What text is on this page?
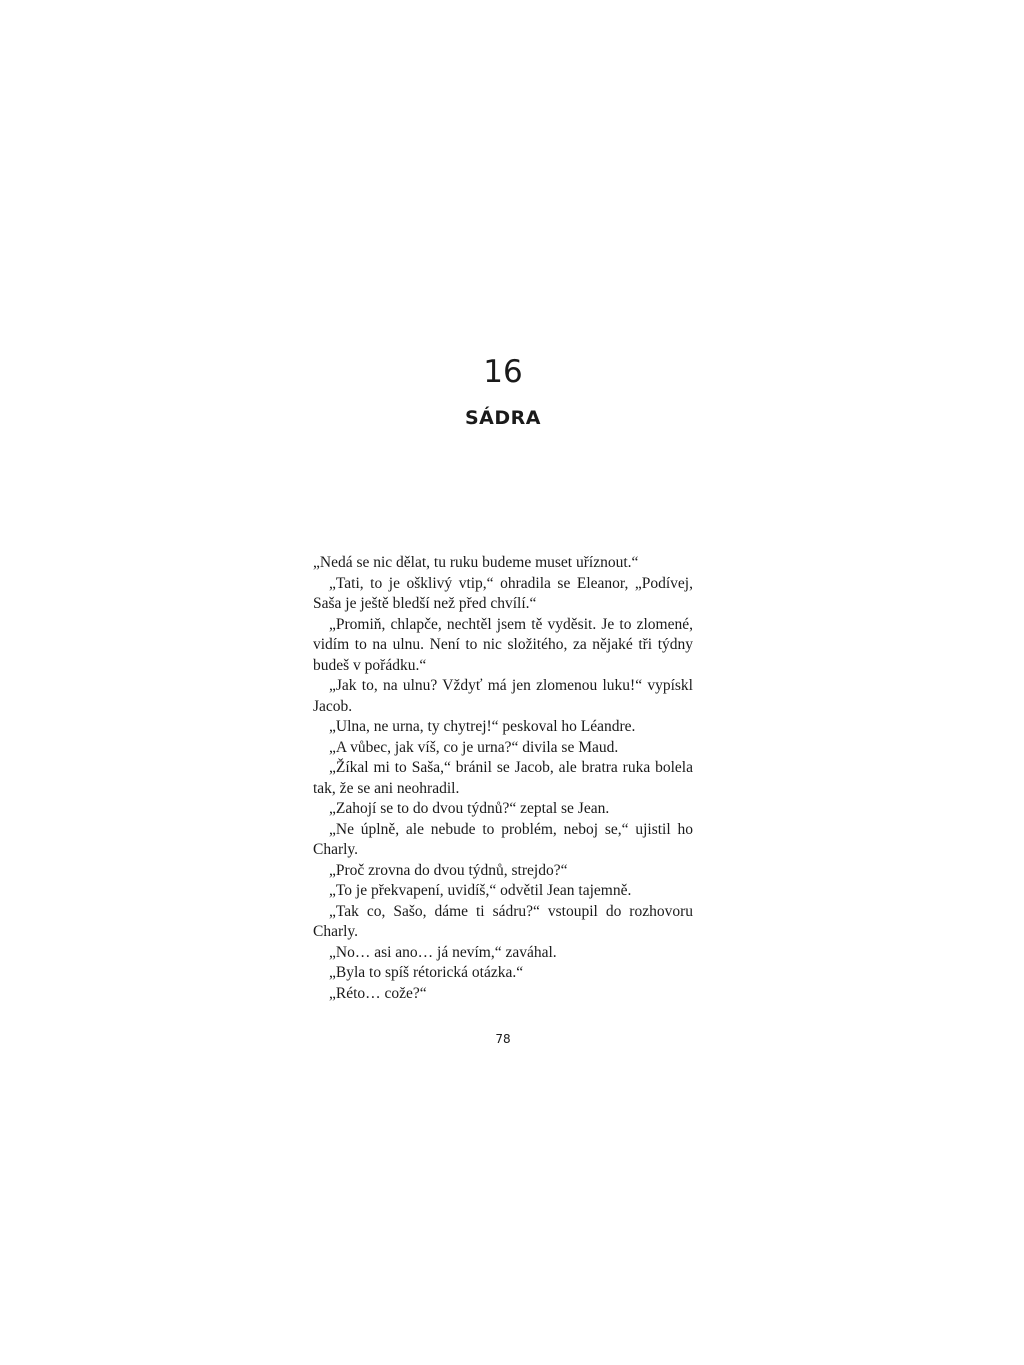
16
SÁDRA

„Nedá se nic dělat, tu ruku budeme muset uříznout.“

„Tati, to je ošklivý vtip,“ ohradila se Eleanor, „Podívej, Saša je ještě bledší než před chvílí.“

„Promiň, chlapče, nechtěl jsem tě vyděsit. Je to zlomené, vidím to na ulnu. Není to nic složitého, za nějaké tři týdny budeš v pořádku.“

„Jak to, na ulnu? Vždyť má jen zlomenou luku!“ vypískl Jacob.

„Ulna, ne urna, ty chytrej!“ peskoval ho Léandre.

„A vůbec, jak víš, co je urna?“ divila se Maud.

„Žíkal mi to Saša,“ bránil se Jacob, ale bratra ruka bolela tak, že se ani neohradil.

„Zahojí se to do dvou týdnů?“ zeptal se Jean.

„Ne úplně, ale nebude to problém, neboj se,“ ujistil ho Charly.

„Proč zrovna do dvou týdnů, strejdo?“

„To je překvapení, uvidíš,“ odvětil Jean tajemně.

„Tak co, Sašo, dáme ti sádru?“ vstoupil do rozhovoru Charly.

„No… asi ano… já nevím,“ zaváhal.

„Byla to spíš rétorická otázka.“

„Réto… cože?“

78
